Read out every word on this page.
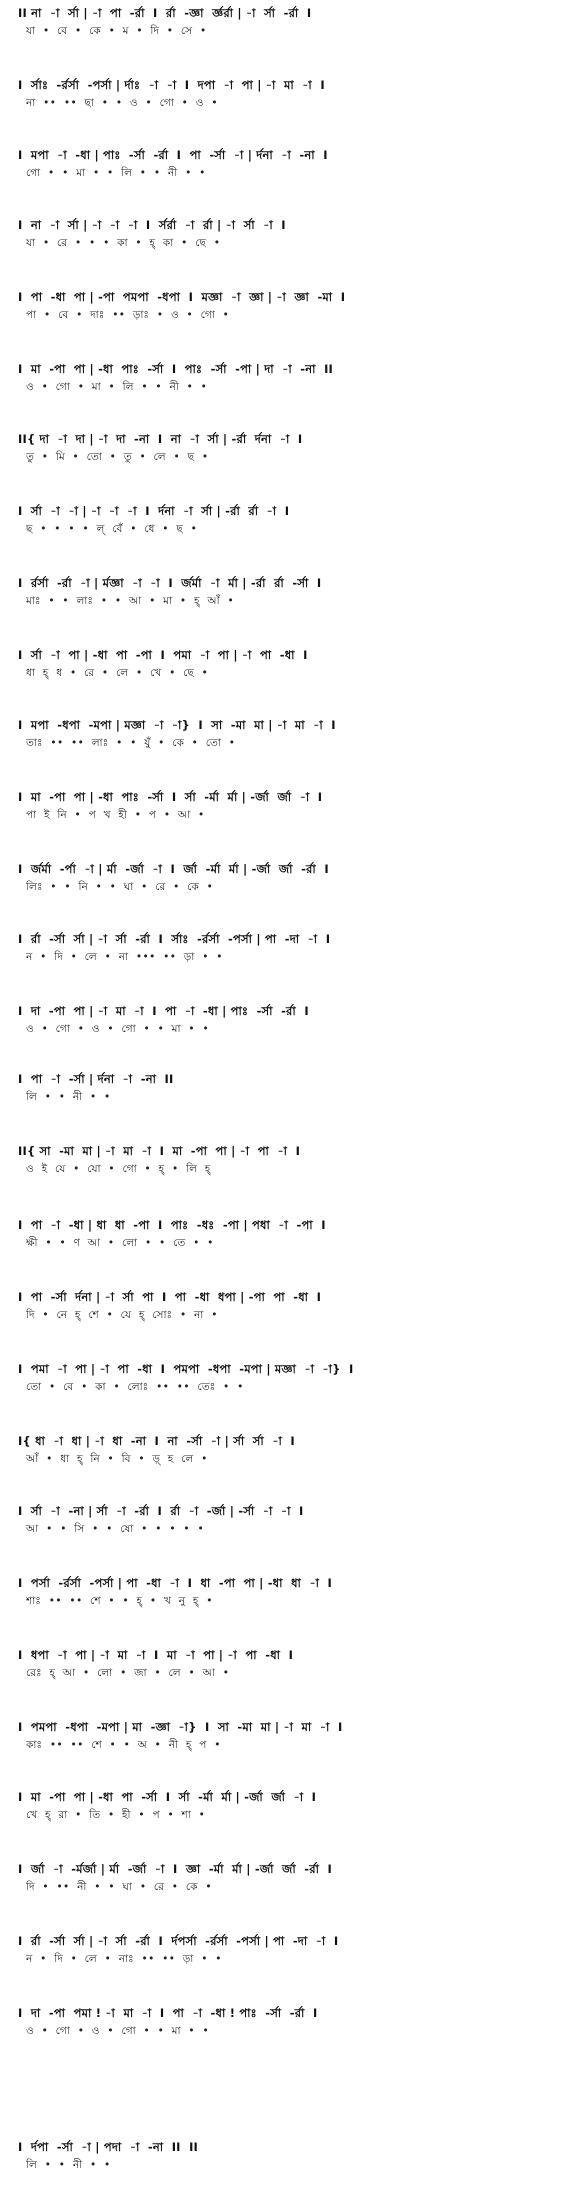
II না  -া  র্সা | -া  পা  -র্রা  I  র্রা  -জ্ঞা  র্জ্ঞর্রা | -া  র্সা  -র্রা  I
যা  •  বে  •  কে  •  ম  •  দি  •  সে  •
I  র্সাঃ  -র্রর্সা  -পর্সা | র্দাঃ  -া  -া  I  দপা  -া  পা | -া  মা  -া  I
না  ••  ••  ছা  •  •  ও  •  গো  •  ও  •
I  মপা  -া  -ধা | পাঃ  -র্সা  -র্রা  I  পা  -র্সা  -া | র্দনা  -া  -না  I
গো  •  •  মা  •  •  লি  •  •  নী  •  •
I  না  -া  র্সা | -া  -া  -া  I  র্সর্রা  -া  র্রা | -া  র্সা  -া  I
যা  •  রে  •  •  •  কা  •  হ্  কা  •  ছে  •
I  পা  -ধা  পা | -পা  পমপা  -ধপা  I  মজ্ঞা  -া  জ্ঞা | -া  জ্ঞা  -মা  I
পা  •  বে  •  দাঃ  ••  ড়াঃ  •  ও  •  গো  •
I  মা  -পা  পা | -ধা  পাঃ  -র্সা  I  পাঃ  -র্সা  -পা | দা  -া  -না  II
ও  •  গো  •  মা  •  লি  •  •  নী  •  •
II{ দা  -া  দা | -া  দা  -না  I  না  -া  র্সা | -র্রা  র্দনা  -া  I
তু  •  মি  •  তো  •  তু  •  লে  •  ছ  •
I  র্সা  -া  -া | -া  -া  -া  I  র্দনা  -া  র্সা | -র্রা  র্রা  -া  I
ছ  •  •  •  •  ল্  বেঁ  •  ধে  •  ছ  •
I  র্রর্সা  -র্রা  -া | র্মজ্ঞা  -া  -া  I  র্জর্মা  -া  র্মা | -র্রা  র্রা  -র্সা  I
মাঃ  •  •  লাঃ  •  •  আ  •  মা  •  হ্  আঁ  •
I  র্সা  -া  পা | -ধা  পা  -পা  I  পমা  -া  পা | -া  পা  -ধা  I
ধা  হ্  ধ  •  রে  •  লে  •  খে  •  ছে  •
I  মপা  -ধপা  -মপা | মজ্ঞা  -া  -া}  I  সা  -মা  মা | -া  মা  -া  I
তাঃ  ••  ••  লাঃ  •  •  যুঁ  •  কে  •  তো  •
I  মা  -পা  পা | -ধা  পাঃ  -র্সা  I  র্সা  -র্মা  র্মা | -র্জা  র্জা  -া  I
পা  ই  নি  •  প  খ  হী  •  প  •  আ  •
I  র্জর্মা  -র্পা  -া | র্মা  -র্জা  -া  I  র্জা  -র্মা  র্মা | -র্জা  র্জা  -র্রা  I
লিঃ  •  •  নি  •  •  ঘা  •  রে  •  কে  •
I  র্রা  -র্সা  র্সা | -া  র্সা  -র্রা  I  র্সাঃ  -র্রর্সা  -পর্সা | পা  -দা  -া  I
ন  •  দি  •  লে  •  না  •••  ••  ড়া  •  •
I  দা  -পা  পা | -া  মা  -া  I  পা  -া  -ধা | পাঃ  -র্সা  -র্রা  I
ও  •  গো  •  ও  •  গো  •  •  মা  •  •
I  পা  -া  -র্সা | র্দনা  -া  -না  II
লি  •  •  নী  •  •
II{ সা  -মা  মা | -া  মা  -া  I  মা  -পা  পা | -া  পা  -া  I
ও  ই  যে  •  যো  •  গো  •  হ্  •  লি  হ্
I  পা  -া  -ধা | ধা  ধা  -পা  I  পাঃ  -ধঃ  -পা | পধা  -া  -পা  I
ক্ষী  •  •  ণ  আ  •  লো  •  •  তে  •  •
I  পা  -র্সা  র্দনা | -া  র্সা  পা  I  পা  -ধা  ধপা | -পা  পা  -ধা  I
দি  •  নে  হ্  শে  •  যে  হ্  সোঃ  •  না  •
I  পমা  -া  পা | -া  পা  -ধা  I  পমপা  -ধপা  -মপা | মজ্ঞা  -া  -া}  I
তো  •  বে  •  কা  •  লোঃ  ••  ••  তেঃ  •  •
I{ ধা  -া  ধা | -া  ধা  -না  I  না  -র্সা  -া | র্সা  র্সা  -া  I
আঁ  •  ধা  হ্  নি  •  বি  •  ড়্  হ  লে  •
I  র্সা  -া  -না | র্সা  -া  -র্রা  I  র্রা  -া  -র্জা | -র্সা  -া  -া  I
আ  •  •  সি  •  •  ষো  •  •  •  •  •
I  পর্সা  -র্রর্সা  -পর্সা | পা  -ধা  -া  I  ধা  -পা  পা | -ধা  ধা  -া  I
শাঃ  ••  ••  শে  •  •  হ্  •  খ  নু  হ্  •
I  ধপা  -া  পা | -া  মা  -া  I  মা  -া  পা | -া  পা  -ধা  I
রেঃ  হ্  আ  •  লো  •  জা  •  লে  •  আ  •
I  পমপা  -ধপা  -মপা | মা  -জ্ঞা  -া}  I  সা  -মা  মা | -া  মা  -া  I
কাঃ  ••  ••  শে  •  •  অ  •  নী  হ্  প  •
I  মা  -পা  পা | -ধা  পা  -র্সা  I  র্সা  -র্মা  র্মা | -র্জা  র্জা  -া  I
খে  হ্  রা  •  তি  •  হী  •  প  •  শা  •
I  র্জা  -া  -র্মর্জা | র্মা  -র্জা  -া  I  জ্ঞা  -র্মা  র্মা | -র্জা  র্জা  -র্রা  I
দি  •  ••  নী  •  •  ঘা  •  রে  •  কে  •
I  র্রা  -র্সা  র্সা | -া  র্সা  -র্রা  I  র্দপর্সা  -র্রর্সা  -পর্সা | পা  -দা  -া  I
ন  •  দি  •  লে  •  নাঃ  ••  ••  ড়া  •  •
I  দা  -পা  পমা ! -া  মা  -া  I  পা  -া  -ধা ! পাঃ  -র্সা  -র্রা  I
ও  •  গো  •  ও  •  গো  •  •  মা  •  •
I  র্দপা  -র্সা  -া | পদা  -া  -না  II  II
লি  •  •  নী  •  •
